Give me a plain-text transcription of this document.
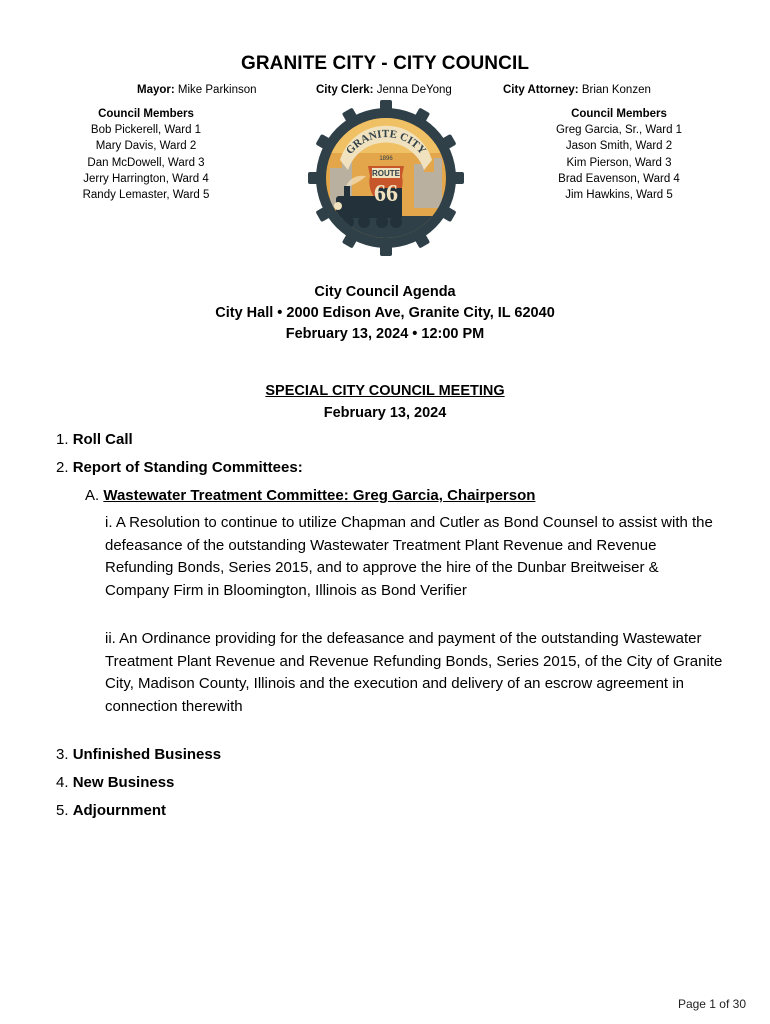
GRANITE CITY - CITY COUNCIL
Mayor: Mike Parkinson	City Clerk: Jenna DeYong	City Attorney: Brian Konzen
Council Members
Bob Pickerell, Ward 1
Mary Davis, Ward 2
Dan McDowell, Ward 3
Jerry Harrington, Ward 4
Randy Lemaster, Ward 5
Council Members
Greg Garcia, Sr., Ward 1
Jason Smith, Ward 2
Kim Pierson, Ward 3
Brad Eavenson, Ward 4
Jim Hawkins, Ward 5
GRANITE CITY
1896
ROUTE
66
City Council Agenda
City Hall • 2000 Edison Ave, Granite City, IL 62040
February 13, 2024 • 12:00 PM
SPECIAL CITY COUNCIL MEETING
February 13, 2024
1. Roll Call
2. Report of Standing Committees:
A. Wastewater Treatment Committee: Greg Garcia, Chairperson
i. A Resolution to continue to utilize Chapman and Cutler as Bond Counsel to assist with the defeasance of the outstanding Wastewater Treatment Plant Revenue and Revenue Refunding Bonds, Series 2015, and to approve the hire of the Dunbar Breitweiser & Company Firm in Bloomington, Illinois as Bond Verifier
ii. An Ordinance providing for the defeasance and payment of the outstanding Wastewater Treatment Plant Revenue and Revenue Refunding Bonds, Series 2015, of the City of Granite City, Madison County, Illinois and the execution and delivery of an escrow agreement in connection therewith
3. Unfinished Business
4. New Business
5. Adjournment
Page 1 of 30
